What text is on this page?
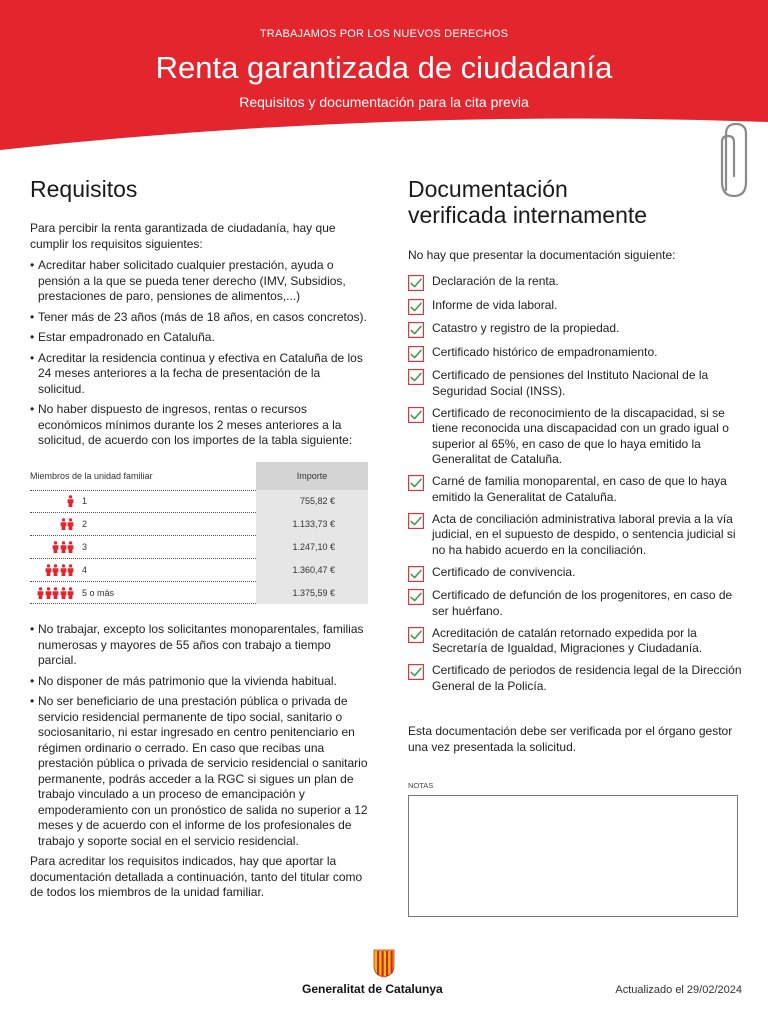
TRABAJAMOS POR LOS NUEVOS DERECHOS
Renta garantizada de ciudadanía
Requisitos y documentación para la cita previa
Requisitos

Para percibir la renta garantizada de ciudadanía, hay que cumplir los requisitos siguientes:

• Acreditar haber solicitado cualquier prestación, ayuda o pensión a la que se pueda tener derecho (IMV, Subsidios, prestaciones de paro, pensiones de alimentos,...)
• Tener más de 23 años (más de 18 años, en casos concretos).
• Estar empadronado en Cataluña.
• Acreditar la residencia continua y efectiva en Cataluña de los 24 meses anteriores a la fecha de presentación de la solicitud.
• No haber dispuesto de ingresos, rentas o recursos económicos mínimos durante los 2 meses anteriores a la solicitud, de acuerdo con los importes de la tabla siguiente:
Miembros de la unidad familiar	Importe
1	755,82 €
2	1.133,73 €
3	1.247,10 €
4	1.360,47 €
5 o más	1.375,59 €
• No trabajar, excepto los solicitantes monoparentales, familias numerosas y mayores de 55 años con trabajo a tiempo parcial.
• No disponer de más patrimonio que la vivienda habitual.
• No ser beneficiario de una prestación pública o privada de servicio residencial permanente de tipo social, sanitario o sociosanitario, ni estar ingresado en centro penitenciario en régimen ordinario o cerrado. En caso que recibas una prestación pública o privada de servicio residencial o sanitario permanente, podrás acceder a la RGC si sigues un plan de trabajo vinculado a un proceso de emancipación y empoderamiento con un pronóstico de salida no superior a 12 meses y de acuerdo con el informe de los profesionales de trabajo y soporte social en el servicio residencial.

Para acreditar los requisitos indicados, hay que aportar la documentación detallada a continuación, tanto del titular como de todos los miembros de la unidad familiar.

Documentación
verificada internamente

No hay que presentar la documentación siguiente:

Declaración de la renta.
Informe de vida laboral.
Catastro y registro de la propiedad.
Certificado histórico de empadronamiento.
Certificado de pensiones del Instituto Nacional de la Seguridad Social (INSS).
Certificado de reconocimiento de la discapacidad, si se tiene reconocida una discapacidad con un grado igual o superior al 65%, en caso de que lo haya emitido la Generalitat de Cataluña.
Carné de familia monoparental, en caso de que lo haya emitido la Generalitat de Cataluña.
Acta de conciliación administrativa laboral previa a la vía judicial, en el supuesto de despido, o sentencia judicial si no ha habido acuerdo en la conciliación.
Certificado de convivencia.
Certificado de defunción de los progenitores, en caso de ser huérfano.
Acreditación de catalán retornado expedida por la Secretaría de Igualdad, Migraciones y Ciudadanía.
Certificado de periodos de residencia legal de la Dirección General de la Policía.

Esta documentación debe ser verificada por el órgano gestor una vez presentada la solicitud.

NOTAS
Generalitat de Catalunya	Actualizado el 29/02/2024
